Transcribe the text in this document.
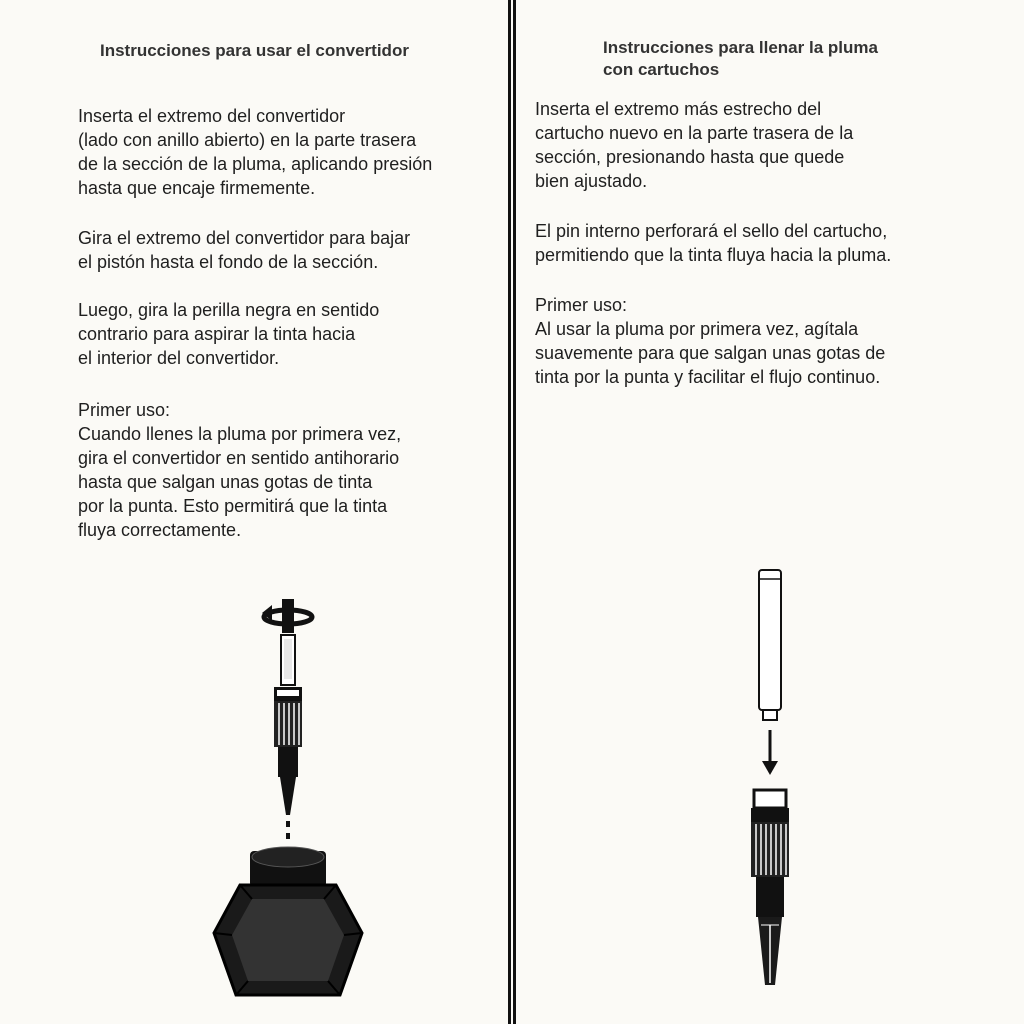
Instrucciones para usar el convertidor

Inserta el extremo del convertidor
(lado con anillo abierto) en la parte trasera
de la sección de la pluma, aplicando presión
hasta que encaje firmemente.

Gira el extremo del convertidor para bajar
el pistón hasta el fondo de la sección.

Luego, gira la perilla negra en sentido
contrario para aspirar la tinta hacia
el interior del convertidor.

Primer uso:
Cuando llenes la pluma por primera vez,
gira el convertidor en sentido antihorario
hasta que salgan unas gotas de tinta
por la punta. Esto permitirá que la tinta
fluya correctamente.

Instrucciones para llenar la pluma
con cartuchos

Inserta el extremo más estrecho del
cartucho nuevo en la parte trasera de la
sección, presionando hasta que quede
bien ajustado.

El pin interno perforará el sello del cartucho,
permitiendo que la tinta fluya hacia la pluma.

Primer uso:
Al usar la pluma por primera vez, agítala
suavemente para que salgan unas gotas de
tinta por la punta y facilitar el flujo continuo.
